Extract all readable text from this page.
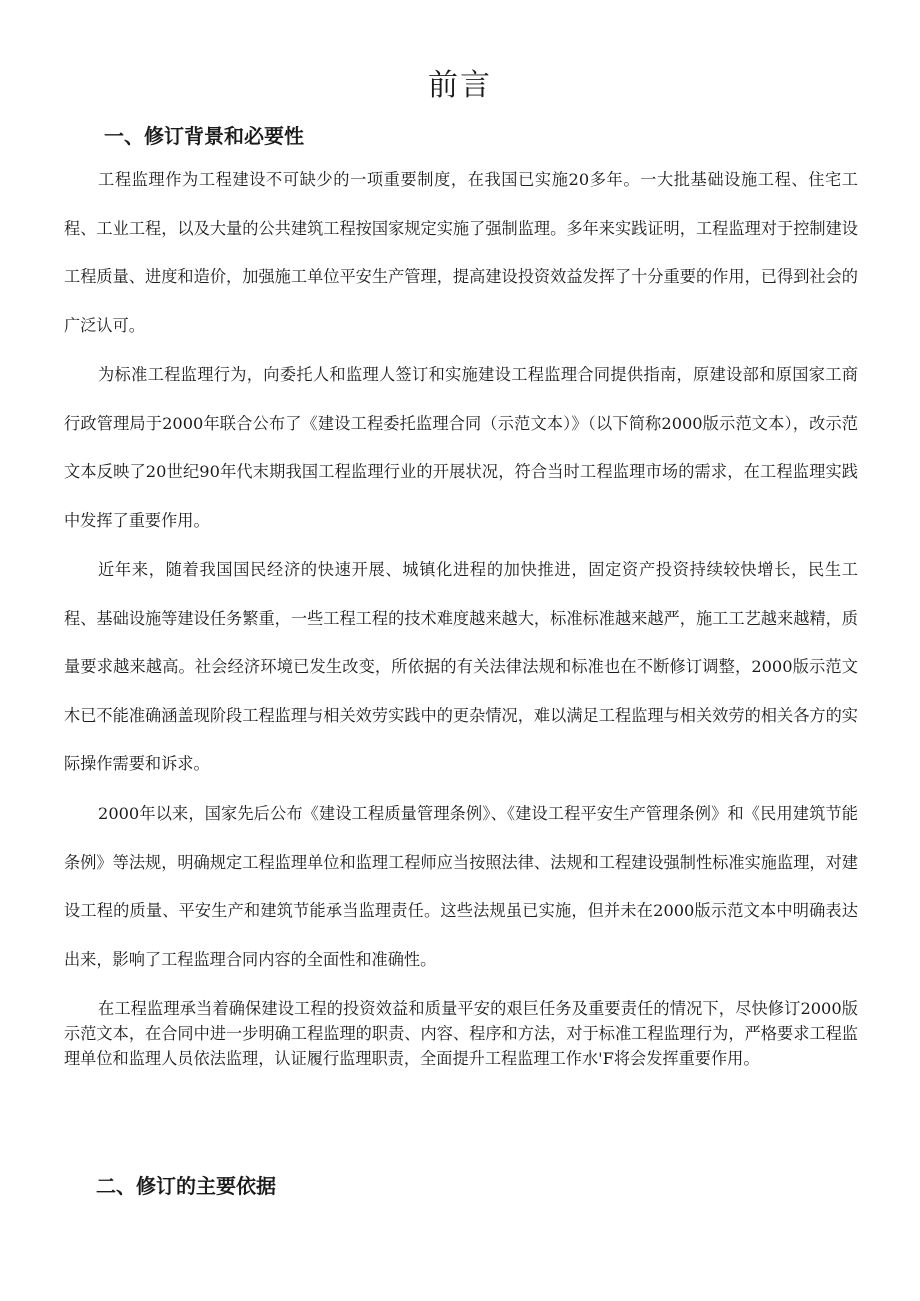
前言
一、修订背景和必要性

工程监理作为工程建设不可缺少的一项重要制度，在我国已实施20多年。一大批基础设施工程、住宅工程、工业工程，以及大量的公共建筑工程按国家规定实施了强制监理。多年来实践证明，工程监理对于控制建设工程质量、进度和造价，加强施工单位平安生产管理，提高建设投资效益发挥了十分重要的作用，已得到社会的广泛认可。

为标准工程监理行为，向委托人和监理人签订和实施建设工程监理合同提供指南，原建设部和原国家工商行政管理局于2000年联合公布了《建设工程委托监理合同（示范文本）》（以下简称2000版示范文本），改示范文本反映了20世纪90年代末期我国工程监理行业的开展状况，符合当时工程监理市场的需求，在工程监理实践中发挥了重要作用。

近年来，随着我国国民经济的快速开展、城镇化进程的加快推进，固定资产投资持续较快增长，民生工程、基础设施等建设任务繁重，一些工程工程的技术难度越来越大，标准标准越来越严，施工工艺越来越精，质量要求越来越高。社会经济环境已发生改变，所依据的有关法律法规和标准也在不断修订调整，2000版示范文木已不能准确涵盖现阶段工程监理与相关效劳实践中的更杂情况，难以满足工程监理与相关效劳的相关各方的实际操作需要和诉求。

2000年以来，国家先后公布《建设工程质量管理条例》、《建设工程平安生产管理条例》和《民用建筑节能条例》等法规，明确规定工程监理单位和监理工程师应当按照法律、法规和工程建设强制性标准实施监理，对建设工程的质量、平安生产和建筑节能承当监理责任。这些法规虽已实施，但并未在2000版示范文本中明确表达出来，影响了工程监理合同内容的全面性和准确性。

在工程监理承当着确保建设工程的投资效益和质量平安的艰巨任务及重要责任的情况下，尽快修订2000版示范文本，在合同中进一步明确工程监理的职责、内容、程序和方法，对于标准工程监理行为，严格要求工程监理单位和监理人员依法监理，认证履行监理职责，全面提升工程监理工作水'F将会发挥重要作用。

二、修订的主要依据
